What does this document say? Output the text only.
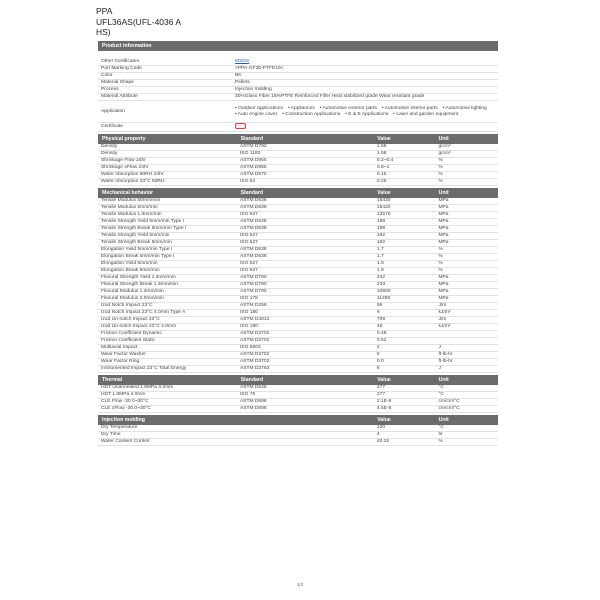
PPA
UFL36AS(UFL-4036 A
HS)
Product information
Other Certificates	MSDS
Part Marking Code	>PPA-GF30-PTFE15<
Color	BK
Material Shape	Pellets
Process	Injection molding
Material Attribute	30%Glass Fiber 15%PTFE Reinforced Filler Heat stabilized grade Wear resistant grade
Application
• Outdoor applications • Appliances • Automotive exterior parts • Automotive interior parts • Automotive lighting
• Auto engine cover • Construction Applications • E & E Applications • Lawn and garden equipment
Certificate
Physical property	Standard	Value	Unit
Density	ASTM D792	1.58	g/cm³
Density	ISO 1183	1.58	g/cm³
Shrinkage Flow 24hr	ASTM D955	0.2~0.4	%
Shrinkage xFlow 24hr	ASTM D955	0.8~1	%
Water Absorption 50RH 24hr	ASTM D570	0.15	%
Water Absorption 23°C 50RH	ISO 62	0.25	%
Mechanical behavior	Standard	Value	Unit
Tensile Modulus 50mm/min	ASTM D638	15420	MPa
Tensile Modulus 5mm/min	ASTM D638	15420	MPa
Tensile Modulus 1.0mm/min	ISO 527	12570	MPa
Tensile Strength Yield 5mm/min Type I	ASTM D638	189	MPa
Tensile Strength Break 5mm/min Type I	ASTM D638	189	MPa
Tensile Strength Yield 5mm/min	ISO 527	192	MPa
Tensile Strength Break 5mm/min	ISO 527	192	MPa
Elongation Yield 5mm/min Type I	ASTM D638	1.7	%
Elongation Break 5mm/min Type I	ASTM D638	1.7	%
Elongation Yield 5mm/min	ISO 527	1.9	%
Elongation Break 5mm/min	ISO 527	1.9	%
Flexural Strength Yield 1.3mm/min	ASTM D790	242	MPa
Flexural Strength Break 1.3mm/min	ASTM D790	233	MPa
Flexural Modulus 1.3mm/min	ASTM D790	10600	MPa
Flexural Modulus 2.0mm/min	ISO 178	11290	MPa
Izod Notch Impact 23°C	ASTM D256	95	J/m
Izod Notch Impact 23°C 4.0mm Type A	ISO 180	9	kJ/m²
Izod Un-notch Impact 23°C	ASTM D4812	709	J/m
Izod Un-notch Impact 23°C 4.0mm	ISO 180	48	kJ/m²
Friction Coefficient Dynamic	ASTM D3702	0.48
Friction Coefficient Static	ASTM D3702	0.52
Multiaxial Impact	ISO 6603	2	J
Wear Factor Washer	ASTM D3702	5	ft-lb-hr
Wear Factor Ring	ASTM D3702	0.0	ft-lb-hr
Instrumented Impact 23°C Total Energy	ASTM D3763	8	J
Thermal	Standard	Value	Unit
HDT Unannealed 1.8MPa 3.2mm	ASTM D648	277	°C
HDT 1.8MPa 4.0mm	ISO 75	277	°C
CLE Flow -30.0~30°C	ASTM D696	2.1E-5	cm/cm/°C
CLE xFlow -30.0~30°C	ASTM D696	4.5E-5	cm/cm/°C
Injection molding	Value	Unit
Dry Temperature	120	°C
Dry Time	4	hr
Water Content Control	≤0.15	%
1/2
